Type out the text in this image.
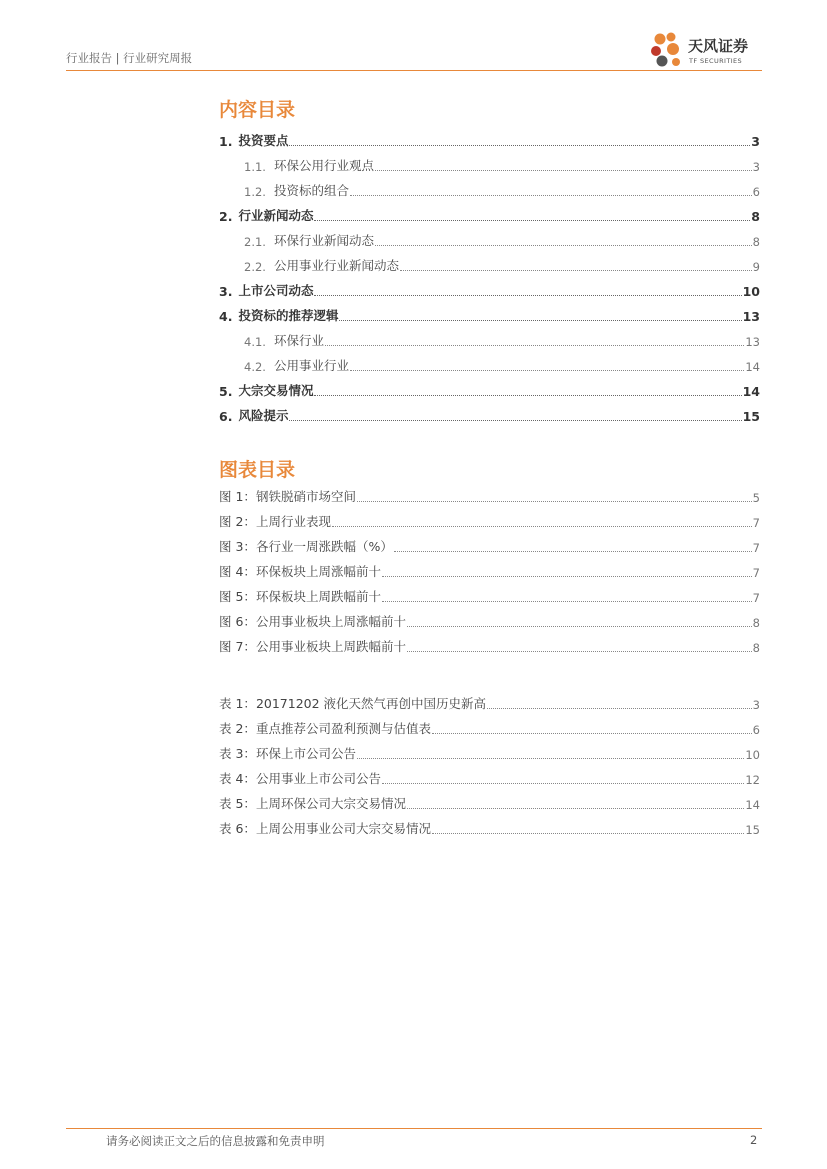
行业报告 | 行业研究周报
天风证券
TF SECURITIES
内容目录
1. 投资要点	3
1.1. 环保公用行业观点	3
1.2. 投资标的组合	6
2. 行业新闻动态	8
2.1. 环保行业新闻动态	8
2.2. 公用事业行业新闻动态	9
3. 上市公司动态	10
4. 投资标的推荐逻辑	13
4.1. 环保行业	13
4.2. 公用事业行业	14
5. 大宗交易情况	14
6. 风险提示	15
图表目录
图 1： 钢铁脱硝市场空间	5
图 2： 上周行业表现	7
图 3： 各行业一周涨跌幅（%）	7
图 4： 环保板块上周涨幅前十	7
图 5： 环保板块上周跌幅前十	7
图 6： 公用事业板块上周涨幅前十	8
图 7： 公用事业板块上周跌幅前十	8
表 1： 20171202 液化天然气再创中国历史新高	3
表 2： 重点推荐公司盈利预测与估值表	6
表 3： 环保上市公司公告	10
表 4： 公用事业上市公司公告	12
表 5： 上周环保公司大宗交易情况	14
表 6： 上周公用事业公司大宗交易情况	15
请务必阅读正文之后的信息披露和免责申明	2
